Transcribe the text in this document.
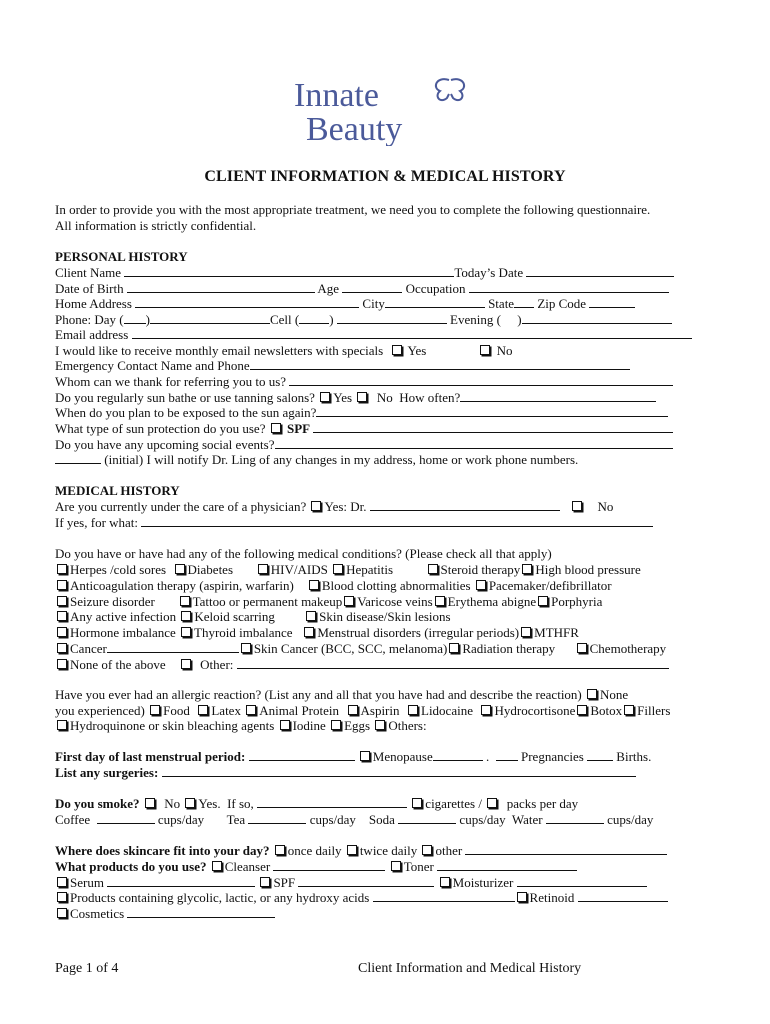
Innate
Beauty
CLIENT INFORMATION & MEDICAL HISTORY
In order to provide you with the most appropriate treatment, we need you to complete the following questionnaire. All information is strictly confidential.
PERSONAL HISTORY
Client Name	Today’s Date
Date of Birth	Age	Occupation
Home Address	City	State Zip Code
Phone: Day ( )	Cell ( )	Evening (     )
Email address
I would like to receive monthly email newsletters with specials Yes	No
Emergency Contact Name and Phone
Whom can we thank for referring you to us?
Do you regularly sun bathe or use tanning salons? Yes No How often?
When do you plan to be exposed to the sun again?
What type of sun protection do you use? SPF
Do you have any upcoming social events?
(initial) I will notify Dr. Ling of any changes in my address, home or work phone numbers.
MEDICAL HISTORY
Are you currently under the care of a physician? Yes: Dr.	No
If yes, for what:
Do you have or have had any of the following medical conditions? (Please check all that apply)
Herpes /cold sores Diabetes	HIV/AIDS Hepatitis	Steroid therapy High blood pressure
Anticoagulation therapy (aspirin, warfarin) Blood clotting abnormalities Pacemaker/defibrillator
Seizure disorder	Tattoo or permanent makeup Varicose veins Erythema abigne Porphyria
Any active infection Keloid scarring	Skin disease/Skin lesions
Hormone imbalance Thyroid imbalance Menstrual disorders (irregular periods) MTHFR
Cancer	Skin Cancer (BCC, SCC, melanoma) Radiation therapy	Chemotherapy
None of the above	Other:
Have you ever had an allergic reaction? (List any and all that you have had and describe the reaction) None
you experienced) Food Latex Animal Protein Aspirin Lidocaine Hydrocortisone Botox Fillers
Hydroquinone or skin bleaching agents Iodine Eggs Others:
First day of last menstrual period:	Menopause	.   Pregnancies	Births.
List any surgeries:
Do you smoke? No Yes. If so,	cigarettes / packs per day
Coffee	cups/day Tea	cups/day Soda	cups/day Water	cups/day
Where does skincare fit into your day? once daily twice daily other
What products do you use? Cleanser	Toner
Serum	SPF	Moisturizer
Products containing glycolic, lactic, or any hydroxy acids	Retinoid
Cosmetics
Page 1 of 4	Client Information and Medical History
